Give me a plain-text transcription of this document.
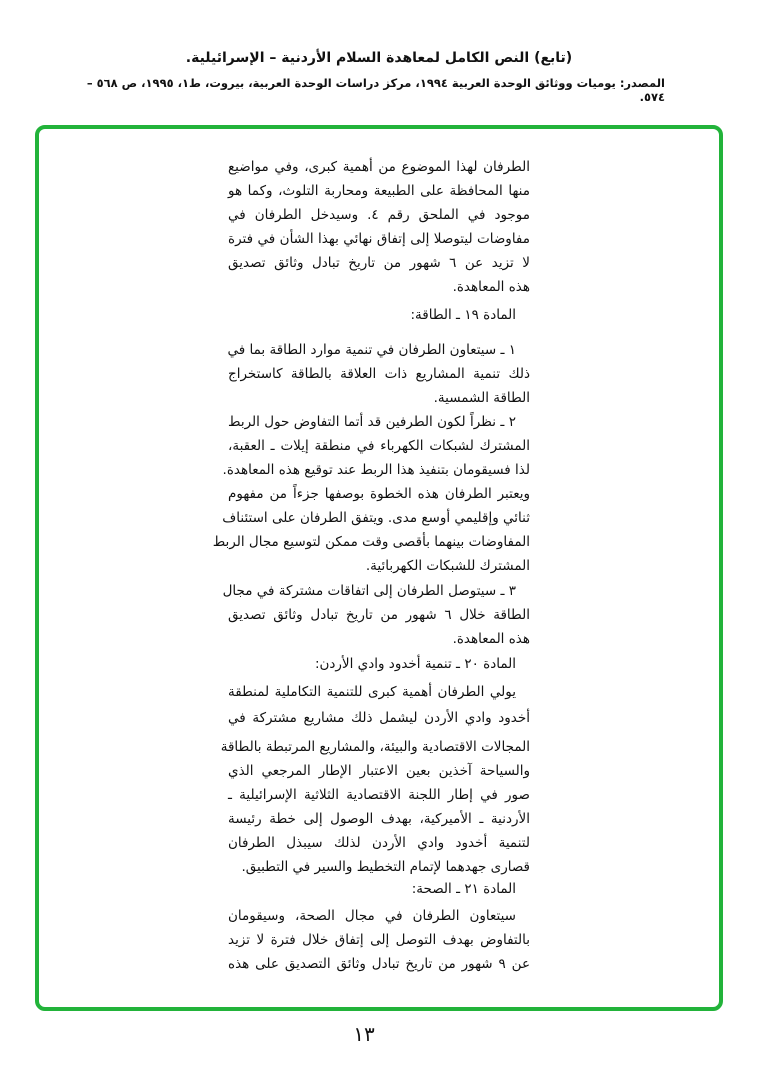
(تابع) النص الكامل لمعاهدة السلام الأردنية – الإسرائيلية.
المصدر: يوميات ووثائق الوحدة العربية ١٩٩٤، مركز دراسات الوحدة العربية، بيروت، ط١، ١٩٩٥، ص ٥٦٨ – ٥٧٤.
الطرفان لهذا الموضوع من أهمية كبرى، وفي مواضيع
منها المحافظة على الطبيعة ومحاربة التلوث، وكما هو
موجود في الملحق رقم ٤. وسيدخل الطرفان في
مفاوضات ليتوصلا إلى إتفاق نهائي بهذا الشأن في فترة
لا تزيد عن ٦ شهور من تاريخ تبادل وثائق تصديق
هذه المعاهدة.
المادة ١٩ ـ الطاقة:
١ ـ سيتعاون الطرفان في تنمية موارد الطاقة بما في
ذلك تنمية المشاريع ذات العلاقة بالطاقة كاستخراج
الطاقة الشمسية.
٢ ـ نظراً لكون الطرفين قد أتما التفاوض حول الربط
المشترك لشبكات الكهرباء في منطقة إيلات ـ العقبة،
لذا فسيقومان بتنفيذ هذا الربط عند توقيع هذه المعاهدة.
ويعتبر الطرفان هذه الخطوة بوصفها جزءاً من مفهوم
ثنائي وإقليمي أوسع مدى. ويتفق الطرفان على استئناف
المفاوضات بينهما بأقصى وقت ممكن لتوسيع مجال الربط
المشترك للشبكات الكهربائية.
٣ ـ سيتوصل الطرفان إلى اتفاقات مشتركة في مجال
الطاقة خلال ٦ شهور من تاريخ تبادل وثائق تصديق
هذه المعاهدة.
المادة ٢٠ ـ تنمية أخدود وادي الأردن:
يولي الطرفان أهمية كبرى للتنمية التكاملية لمنطقة
أخدود وادي الأردن ليشمل ذلك مشاريع مشتركة في
المجالات الاقتصادية والبيئة، والمشاريع المرتبطة بالطاقة
والسياحة آخذين بعين الاعتبار الإطار المرجعي الذي
صور في إطار اللجنة الاقتصادية الثلاثية الإسرائيلية ـ
الأردنية ـ الأميركية، بهدف الوصول إلى خطة رئيسة
لتنمية أخدود وادي الأردن لذلك سيبذل الطرفان
قصارى جهدهما لإتمام التخطيط والسير في التطبيق.
المادة ٢١ ـ الصحة:
سيتعاون الطرفان في مجال الصحة، وسيقومان
بالتفاوض بهدف التوصل إلى إتفاق خلال فترة لا تزيد
عن ٩ شهور من تاريخ تبادل وثائق التصديق على هذه
١٣
